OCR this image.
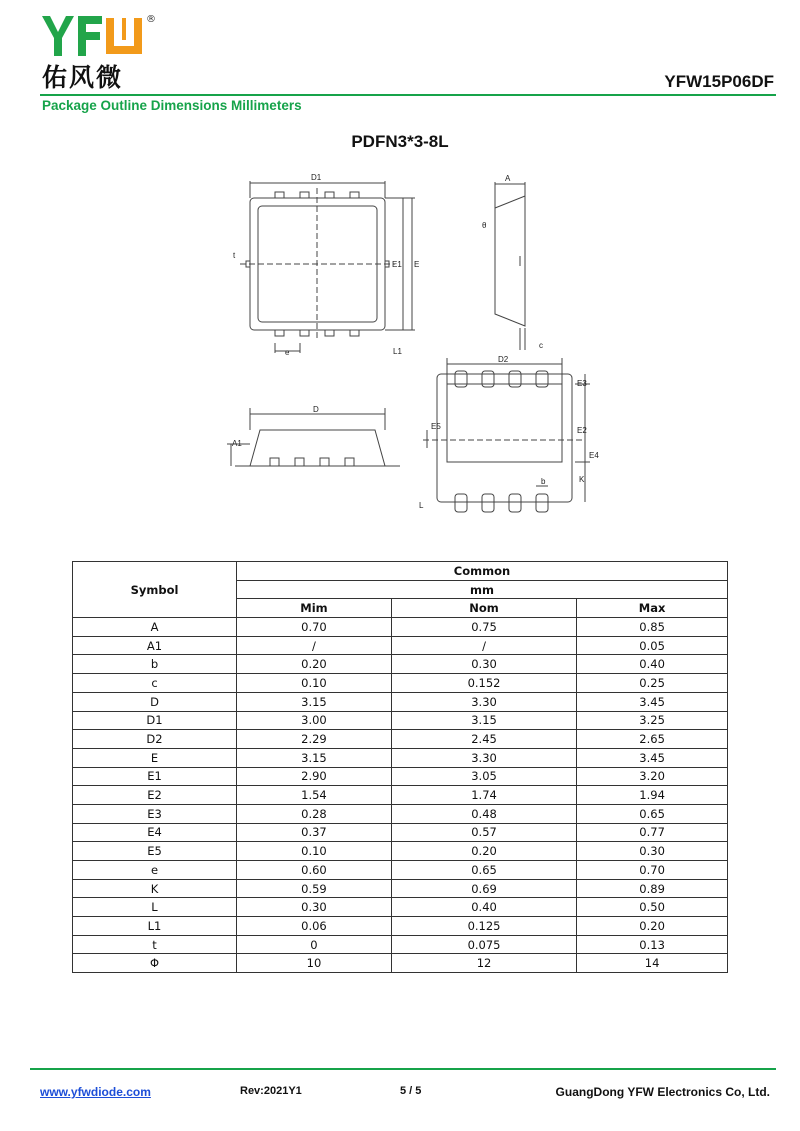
®
佑风微	YFW15P06DF
Package Outline Dimensions Millimeters
PDFN3*3-8L
D1
E1 E
t
e	L1
A
θ
c
D
A1
D2
E3
E2
E5
E4
K
b
L
Symbol	Common		
	mm		
	Mim	Nom	Max
A	0.70	0.75	0.85
A1	/	/	0.05
b	0.20	0.30	0.40
c	0.10	0.152	0.25
D	3.15	3.30	3.45
D1	3.00	3.15	3.25
D2	2.29	2.45	2.65
E	3.15	3.30	3.45
E1	2.90	3.05	3.20
E2	1.54	1.74	1.94
E3	0.28	0.48	0.65
E4	0.37	0.57	0.77
E5	0.10	0.20	0.30
e	0.60	0.65	0.70
K	0.59	0.69	0.89
L	0.30	0.40	0.50
L1	0.06	0.125	0.20
t	0	0.075	0.13
Φ	10	12	14
www.yfwdiode.com	Rev:2021Y1	5 / 5	GuangDong YFW Electronics Co, Ltd.
